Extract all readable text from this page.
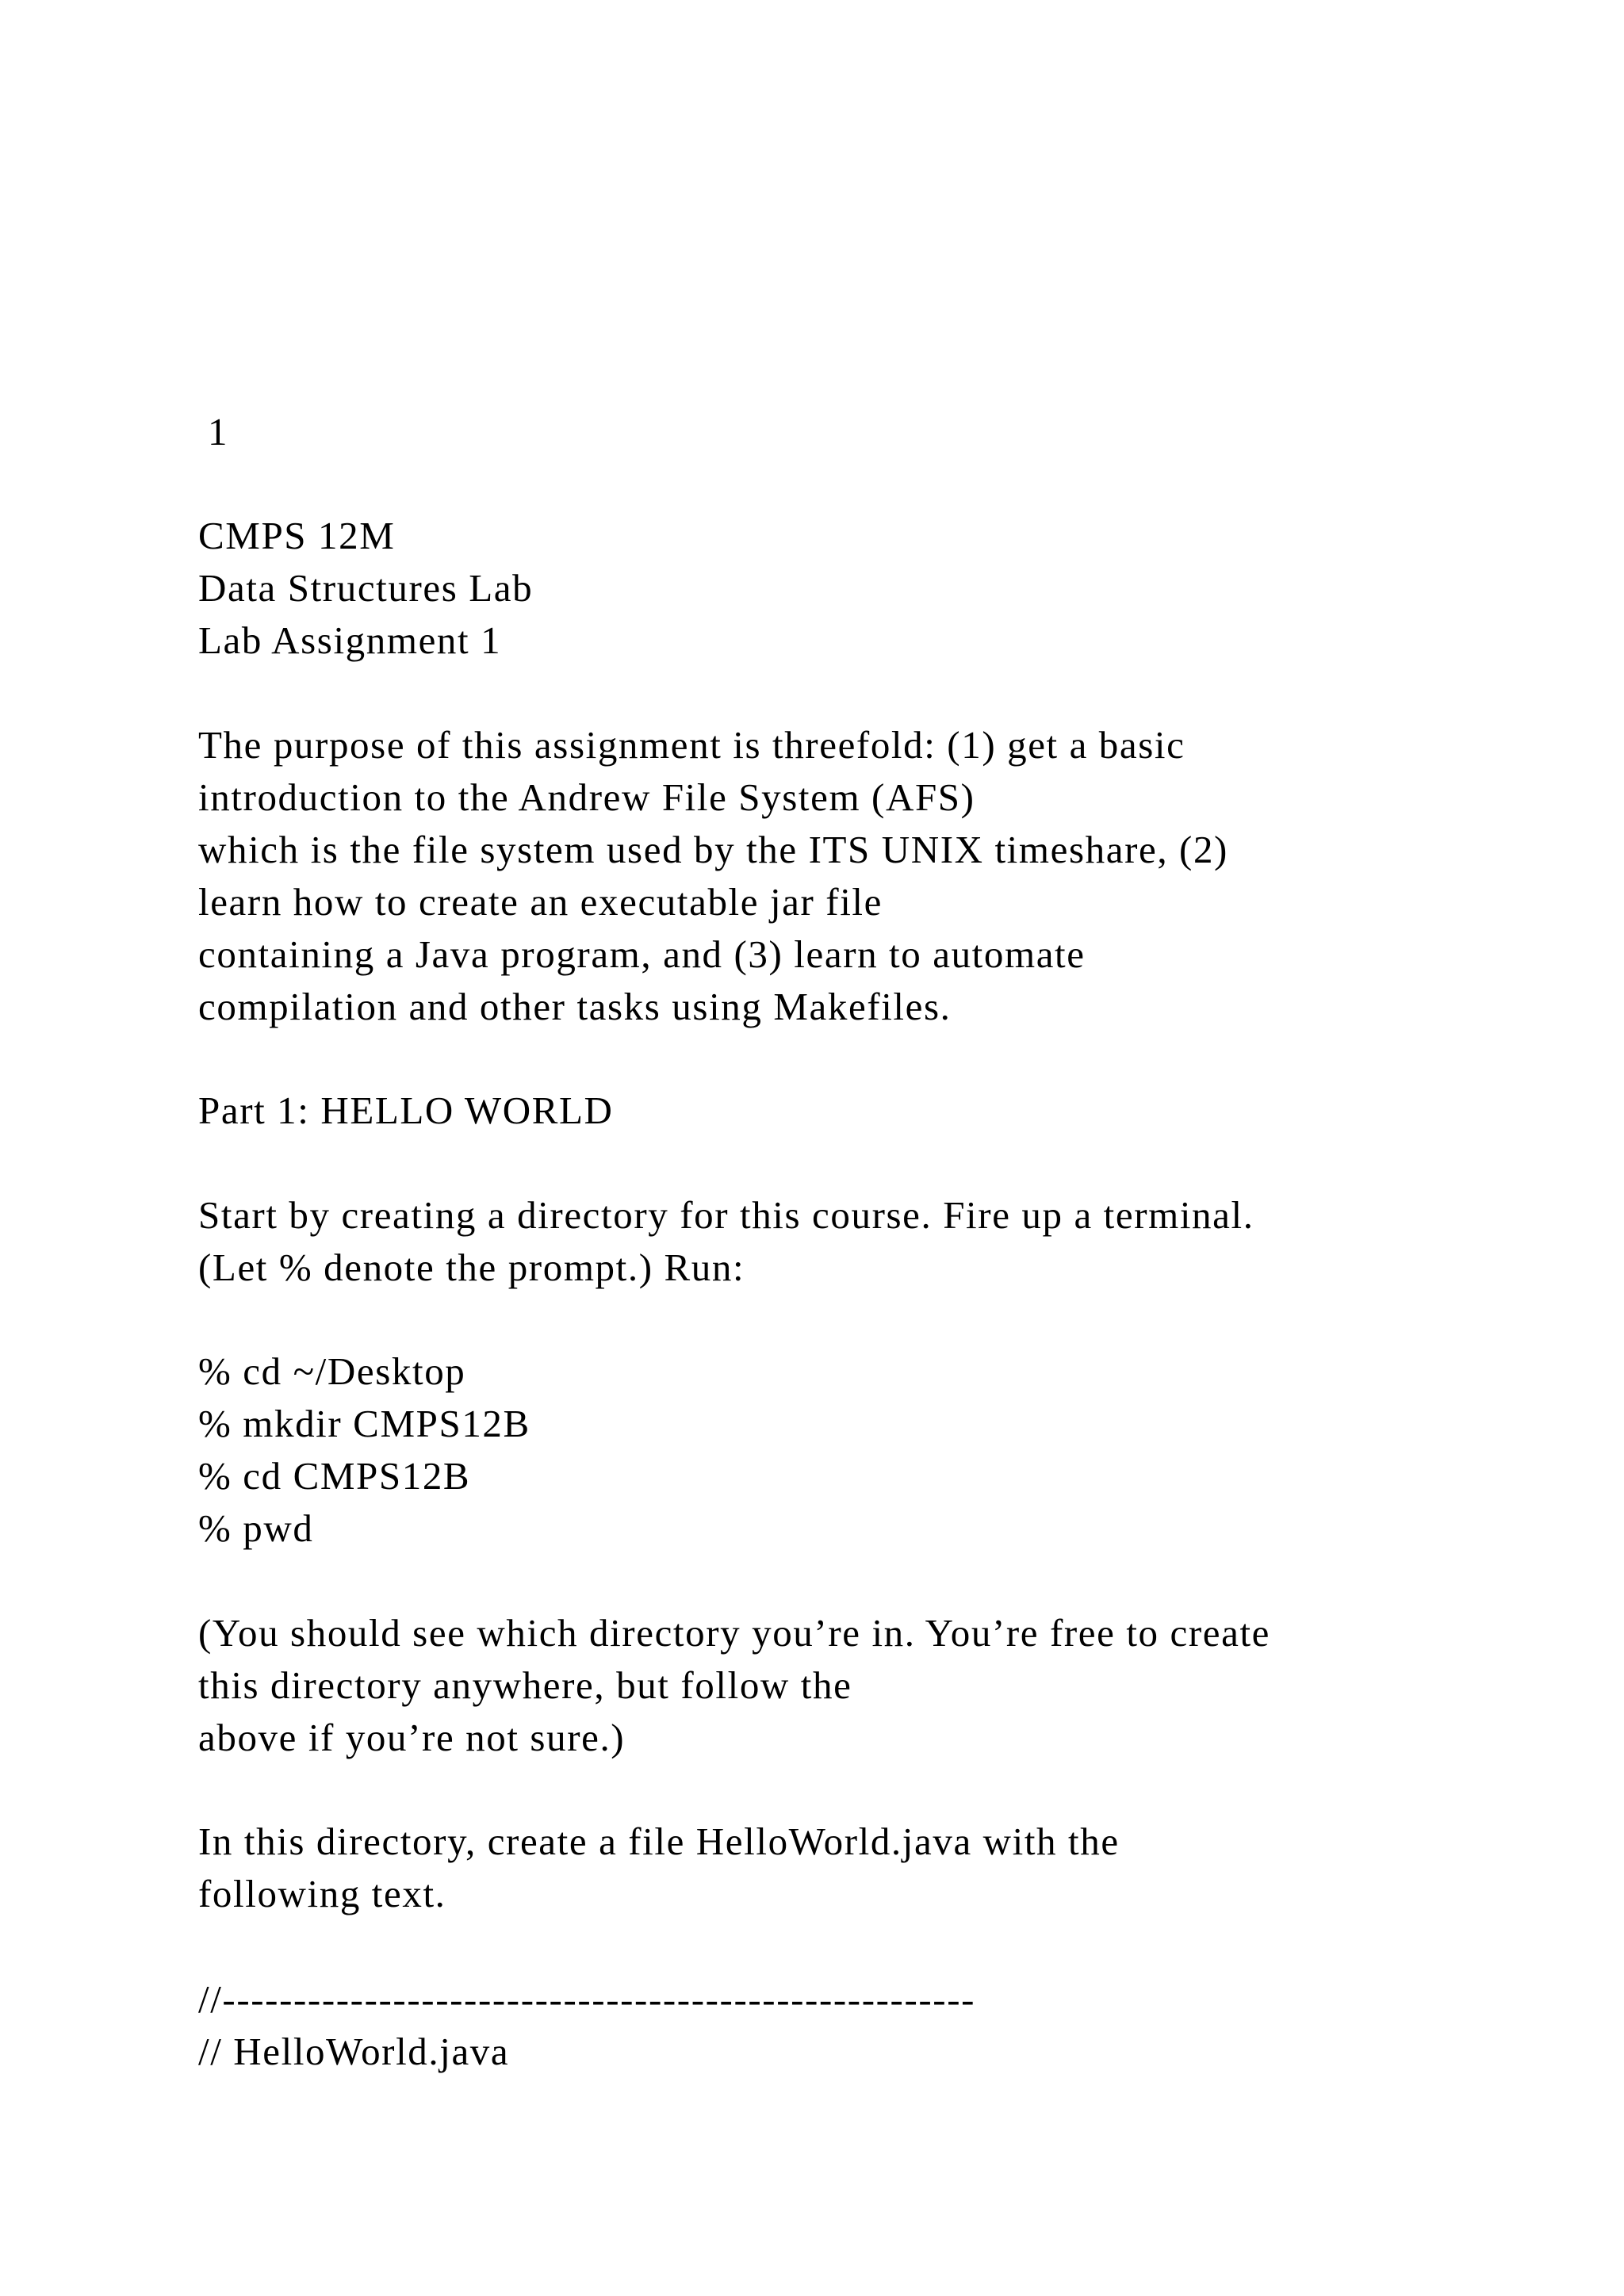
1
CMPS 12M
Data Structures Lab
Lab Assignment 1
The purpose of this assignment is threefold: (1) get a basic
introduction to the Andrew File System (AFS)
which is the file system used by the ITS UNIX timeshare, (2)
learn how to create an executable jar file
containing a Java program, and (3) learn to automate
compilation and other tasks using Makefiles.
Part 1: HELLO WORLD
Start by creating a directory for this course. Fire up a terminal.
(Let % denote the prompt.) Run:
% cd ~/Desktop
% mkdir CMPS12B
% cd CMPS12B
% pwd
(You should see which directory you’re in. You’re free to create
this directory anywhere, but follow the
above if you’re not sure.)
In this directory, create a file HelloWorld.java with the
following text.
//-----------------------------------------------------
// HelloWorld.java
